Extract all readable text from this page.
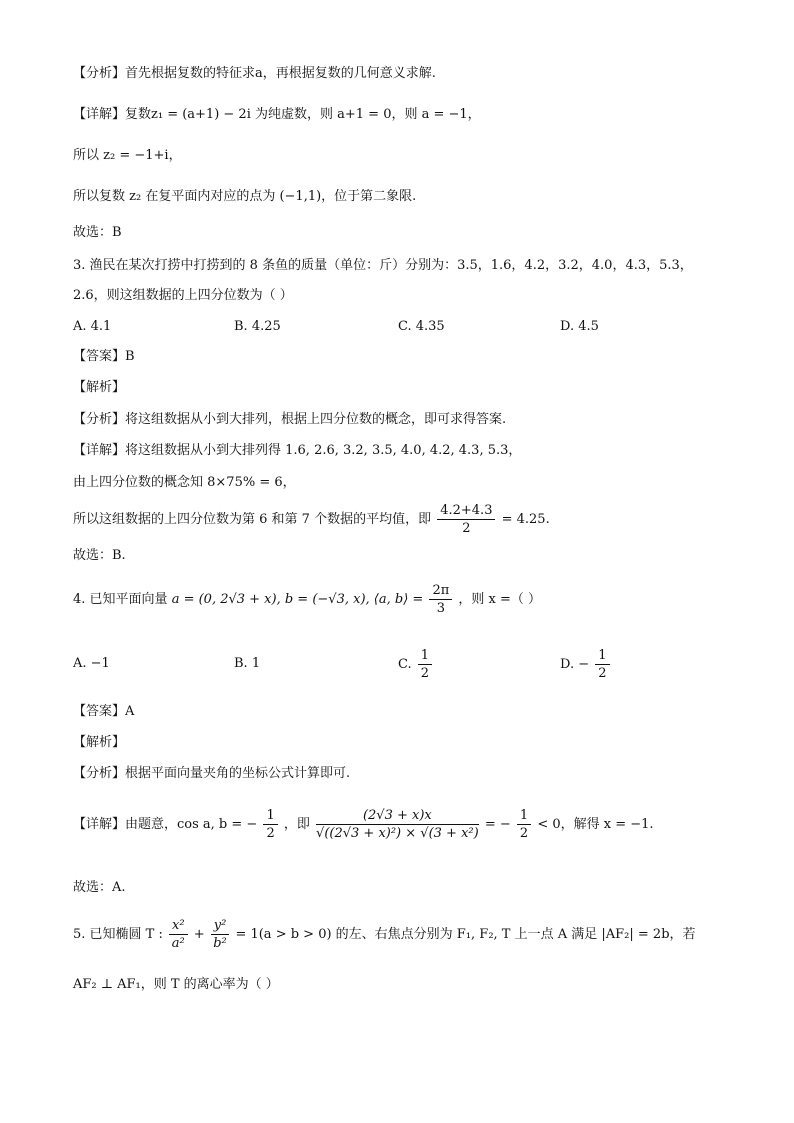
【分析】首先根据复数的特征求a，再根据复数的几何意义求解.
【详解】复数z₁ = (a+1) − 2i 为纯虚数，则 a+1 = 0，则 a = −1，
所以 z₂ = −1+i，
所以复数 z₂ 在复平面内对应的点为 (−1,1)，位于第二象限.
故选：B
3. 渔民在某次打捞中打捞到的 8 条鱼的质量（单位：斤）分别为：3.5，1.6，4.2，3.2，4.0，4.3，5.3，
2.6，则这组数据的上四分位数为（ ）
A. 4.1	B. 4.25	C. 4.35	D. 4.5
【答案】B
【解析】
【分析】将这组数据从小到大排列，根据上四分位数的概念，即可求得答案.
【详解】将这组数据从小到大排列得 1.6, 2.6, 3.2, 3.5, 4.0, 4.2, 4.3, 5.3，
由上四分位数的概念知 8×75% = 6，
所以这组数据的上四分位数为第 6 和第 7 个数据的平均值，即 $\frac{4.2+4.3}{2} = 4.25$.
故选：B.
4. 已知平面向量 a = (0, 2√3 + x), b = (−√3, x), ⟨a, b⟩ = $\frac{2\pi}{3}$ ，则 x =（ ）
A. −1	B. 1	C. $\frac{1}{2}$	D. − $\frac{1}{2}$
【答案】A
【解析】
【分析】根据平面向量夹角的坐标公式计算即可.
【详解】由题意，cos a, b = − $\frac{1}{2}$ ，即 $\frac{(2√3 + x)x}{\text{√((2√3 + x)²) × √(3 + x²)}}$ = − $\frac{1}{2} < 0$，解得 x = −1.
故选：A.
5. 已知椭圆 T : $\frac{\text{x²}}{\text{a²}} + \frac{\text{y²}}{\text{b²}} = 1(a > b > 0)$ 的左、右焦点分别为 F₁, F₂, T 上一点 A 满足 |AF₂| = 2b，若
AF₂ ⊥ AF₁，则 T 的离心率为（ ）
